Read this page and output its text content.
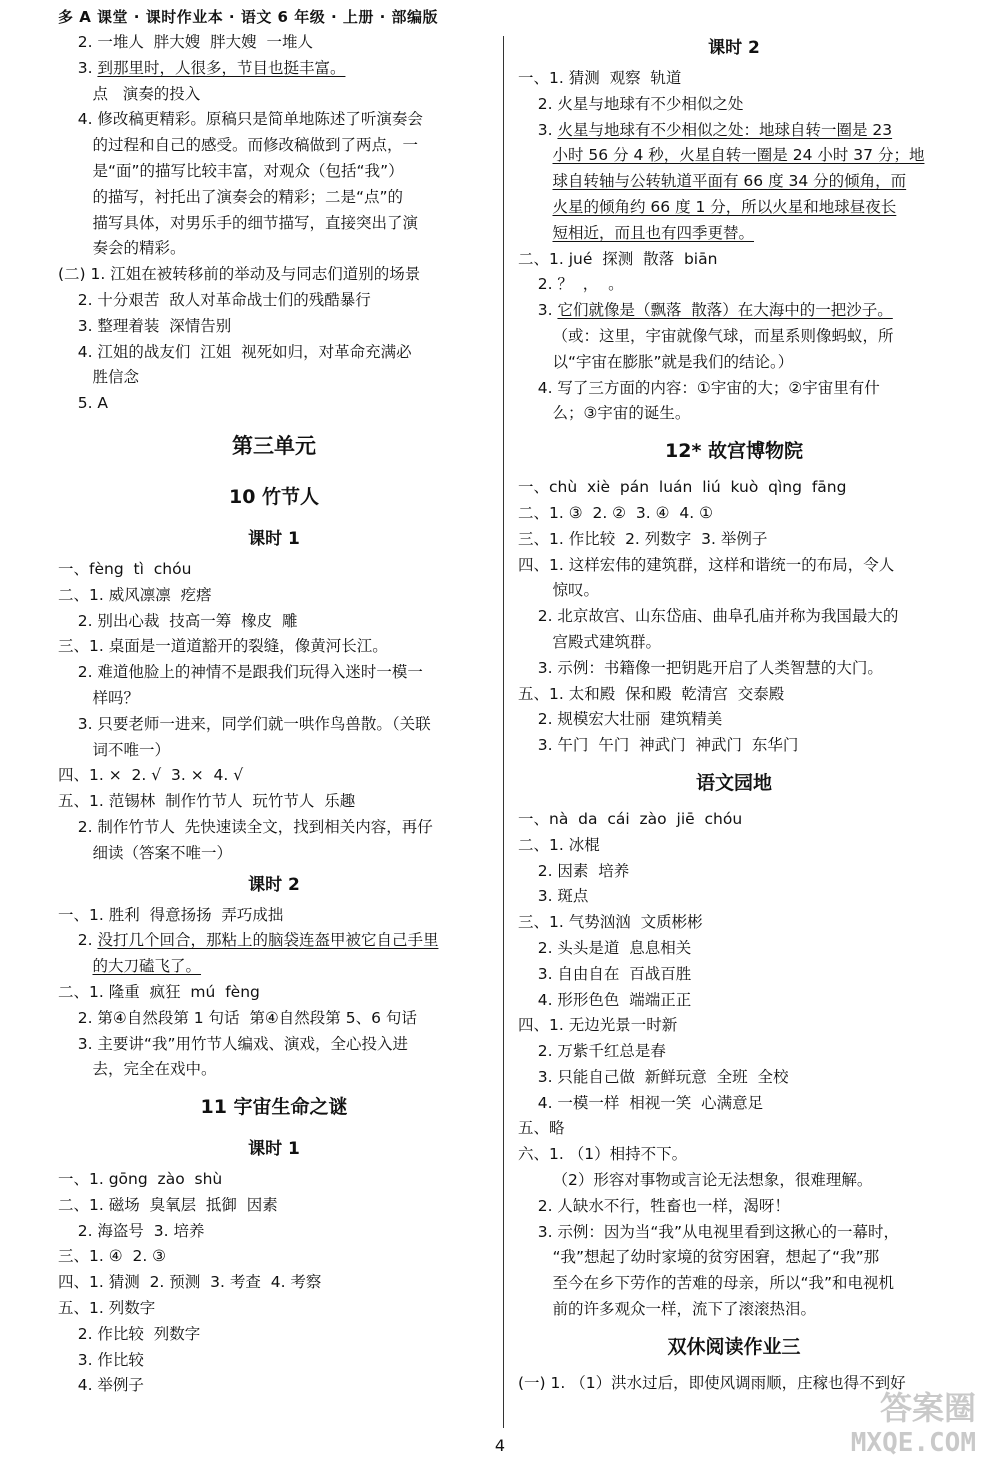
多 A 课堂 · 课时作业本 · 语文 6 年级 · 上册 · 部编版
2. 一堆人  胖大嫂  胖大嫂  一堆人
3. 到那里时，人很多，节目也挺丰富。
点   演奏的投入
4. 修改稿更精彩。原稿只是简单地陈述了听演奏会
的过程和自己的感受。而修改稿做到了两点，一
是“面”的描写比较丰富，对观众（包括“我”）
的描写，衬托出了演奏会的精彩；二是“点”的
描写具体，对男乐手的细节描写，直接突出了演
奏会的精彩。
(二) 1. 江姐在被转移前的举动及与同志们道别的场景
2. 十分艰苦  敌人对革命战士们的残酷暴行
3. 整理着装  深情告别
4. 江姐的战友们  江姐  视死如归，对革命充满必
胜信念
5. A
第三单元
10 竹节人
课时 1
一、fèng  tì  chóu
二、1. 威风凛凛  疙瘩
2. 别出心裁  技高一筹  橡皮  雕
三、1. 桌面是一道道豁开的裂缝，像黄河长江。
2. 难道他脸上的神情不是跟我们玩得入迷时一模一
样吗？
3. 只要老师一进来，同学们就一哄作鸟兽散。（关联
词不唯一）
四、1. ×  2. √  3. ×  4. √
五、1. 范锡林  制作竹节人  玩竹节人  乐趣
2. 制作竹节人  先快速读全文，找到相关内容，再仔
细读（答案不唯一）
课时 2
一、1. 胜利  得意扬扬  弄巧成拙
2. 没打几个回合，那粘上的脑袋连盔甲被它自己手里
的大刀磕飞了。
二、1. 隆重  疯狂  mú  fèng
2. 第④自然段第 1 句话  第④自然段第 5、6 句话
3. 主要讲“我”用竹节人编戏、演戏，全心投入进
去，完全在戏中。
11 宇宙生命之谜
课时 1
一、1. gōng  zào  shù
二、1. 磁场  臭氧层  抵御  因素
2. 海盗号  3. 培养
三、1. ④  2. ③
四、1. 猜测  2. 预测  3. 考查  4. 考察
五、1. 列数字
2. 作比较  列数字
3. 作比较
4. 举例子
课时 2
一、1. 猜测  观察  轨道
2. 火星与地球有不少相似之处
3. 火星与地球有不少相似之处：地球自转一圈是 23
小时 56 分 4 秒，火星自转一圈是 24 小时 37 分；地
球自转轴与公转轨道平面有 66 度 34 分的倾角，而
火星的倾角约 66 度 1 分，所以火星和地球昼夜长
短相近，而且也有四季更替。
二、1. jué  探测  散落  biān
2. ？  ，  。
3. 它们就像是（飘落  散落）在大海中的一把沙子。
（或：这里，宇宙就像气球，而星系则像蚂蚁，所
以“宇宙在膨胀”就是我们的结论。）
4. 写了三方面的内容：①宇宙的大；②宇宙里有什
么；③宇宙的诞生。
12* 故宫博物院
一、chù  xiè  pán  luán  liú  kuò  qìng  fāng
二、1. ③  2. ②  3. ④  4. ①
三、1. 作比较  2. 列数字  3. 举例子
四、1. 这样宏伟的建筑群，这样和谐统一的布局，令人
惊叹。
2. 北京故宫、山东岱庙、曲阜孔庙并称为我国最大的
宫殿式建筑群。
3. 示例：书籍像一把钥匙开启了人类智慧的大门。
五、1. 太和殿  保和殿  乾清宫  交泰殿
2. 规模宏大壮丽  建筑精美
3. 午门  午门  神武门  神武门  东华门
语文园地
一、nà  da  cái  zào  jiē  chóu
二、1. 冰棍
2. 因素  培养
3. 斑点
三、1. 气势汹汹  文质彬彬
2. 头头是道  息息相关
3. 自由自在  百战百胜
4. 形形色色  端端正正
四、1. 无边光景一时新
2. 万紫千红总是春
3. 只能自己做  新鲜玩意  全班  全校
4. 一模一样  相视一笑  心满意足
五、略
六、1. （1）相持不下。
（2）形容对事物或言论无法想象，很难理解。
2. 人缺水不行，牲畜也一样，渴呀！
3. 示例：因为当“我”从电视里看到这揪心的一幕时，
“我”想起了幼时家境的贫穷困窘，想起了“我”那
至今在乡下劳作的苦难的母亲，所以“我”和电视机
前的许多观众一样，流下了滚滚热泪。
双休阅读作业三
(一) 1. （1）洪水过后，即使风调雨顺，庄稼也得不到好
4
答案圈
MXQE.COM
